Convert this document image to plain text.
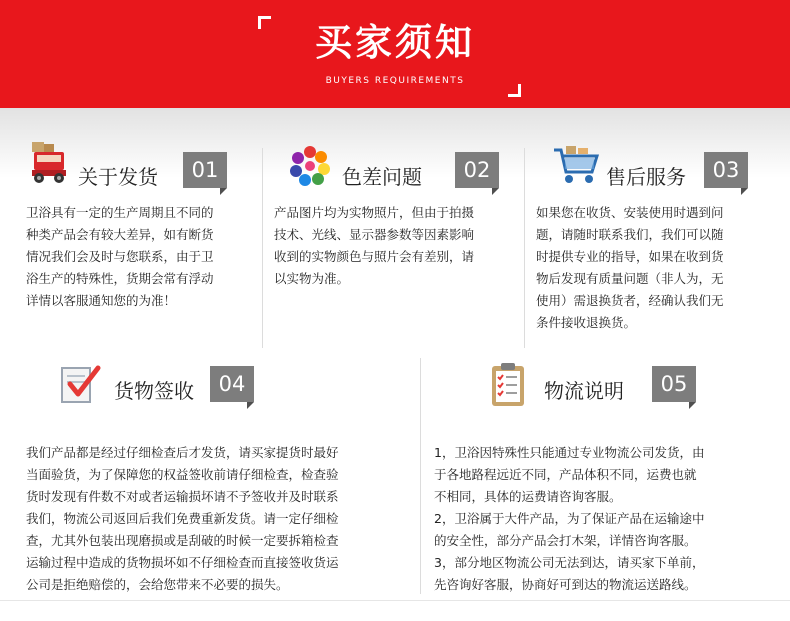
买家须知
BUYERS REQUIREMENTS
关于发货	01

卫浴具有一定的生产周期且不同的
种类产品会有较大差异，如有断货
情况我们会及时与您联系，由于卫
浴生产的特殊性，货期会常有浮动
详情以客服通知您的为准！

色差问题	02

产品图片均为实物照片，但由于拍摄
技术、光线、显示器参数等因素影响
收到的实物颜色与照片会有差别，请
以实物为准。

售后服务	03

如果您在收货、安装使用时遇到问
题，请随时联系我们，我们可以随
时提供专业的指导，如果在收到货
物后发现有质量问题（非人为，无
使用）需退换货者，经确认我们无
条件接收退换货。

货物签收	04

我们产品都是经过仔细检查后才发货，请买家提货时最好
当面验货，为了保障您的权益签收前请仔细检查，检查验
货时发现有件数不对或者运输损坏请不予签收并及时联系
我们，物流公司返回后我们免费重新发货。请一定仔细检
查，尤其外包装出现磨损或是刮破的时候一定要拆箱检查
运输过程中造成的货物损坏如不仔细检查而直接签收货运
公司是拒绝赔偿的，会给您带来不必要的损失。

物流说明	05

1，卫浴因特殊性只能通过专业物流公司发货，由
于各地路程远近不同，产品体积不同，运费也就
不相同，具体的运费请咨询客服。
2，卫浴属于大件产品，为了保证产品在运输途中
的安全性，部分产品会打木架，详情咨询客服。
3，部分地区物流公司无法到达，请买家下单前，
先咨询好客服，协商好可到达的物流运送路线。
